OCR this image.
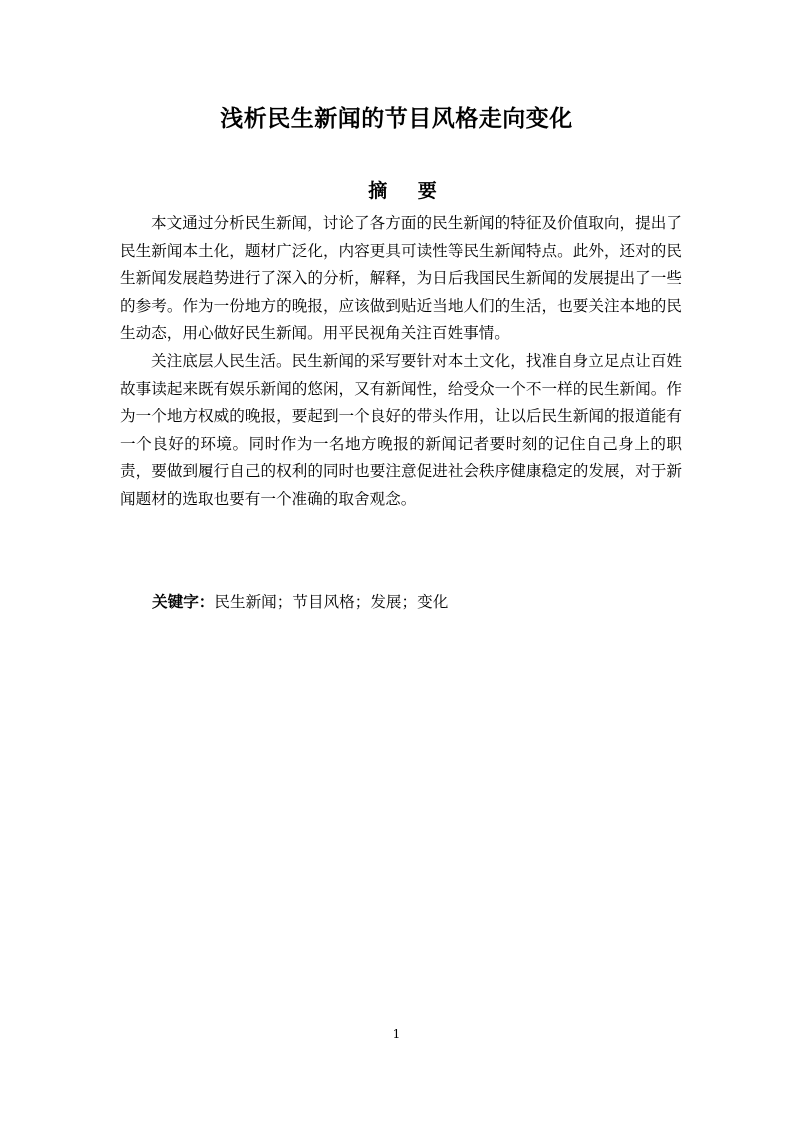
浅析民生新闻的节目风格走向变化
摘 要

本文通过分析民生新闻，讨论了各方面的民生新闻的特征及价值取向，提出了民生新闻本土化，题材广泛化，内容更具可读性等民生新闻特点。此外，还对的民生新闻发展趋势进行了深入的分析，解释，为日后我国民生新闻的发展提出了一些的参考。作为一份地方的晚报，应该做到贴近当地人们的生活，也要关注本地的民生动态，用心做好民生新闻。用平民视角关注百姓事情。

关注底层人民生活。民生新闻的采写要针对本土文化，找准自身立足点让百姓故事读起来既有娱乐新闻的悠闲，又有新闻性，给受众一个不一样的民生新闻。作为一个地方权威的晚报，要起到一个良好的带头作用，让以后民生新闻的报道能有一个良好的环境。同时作为一名地方晚报的新闻记者要时刻的记住自己身上的职责，要做到履行自己的权利的同时也要注意促进社会秩序健康稳定的发展，对于新闻题材的选取也要有一个准确的取舍观念。

关键字：民生新闻；节目风格；发展；变化
1
